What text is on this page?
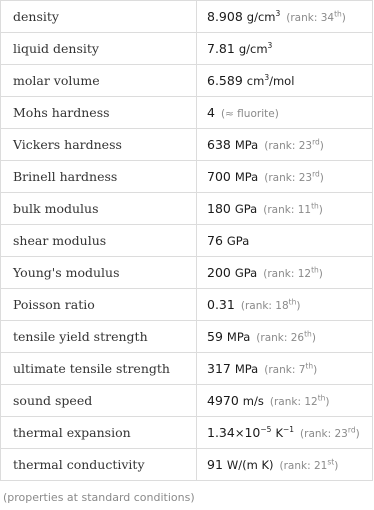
density	8.908 $g/cm^3$ (rank: 34th)
liquid density	7.81 $g/cm^3$
molar volume	6.589 $cm^3$/mol
Mohs hardness	4 (≈ fluorite)
Vickers hardness	638 MPa (rank: 23rd)
Brinell hardness	700 MPa (rank: 23rd)
bulk modulus	180 GPa (rank: 11th)
shear modulus	76 GPa
Young's modulus	200 GPa (rank: 12th)
Poisson ratio	0.31 (rank: 18th)
tensile yield strength	59 MPa (rank: 26th)
ultimate tensile strength	317 MPa (rank: 7th)
sound speed	4970 m/s (rank: 12th)
thermal expansion	$1.34\times 10^{-5}$ $K^{-1}$ (rank: 23rd)
thermal conductivity	91 W/(m K) (rank: 21st)
(properties at standard conditions)
